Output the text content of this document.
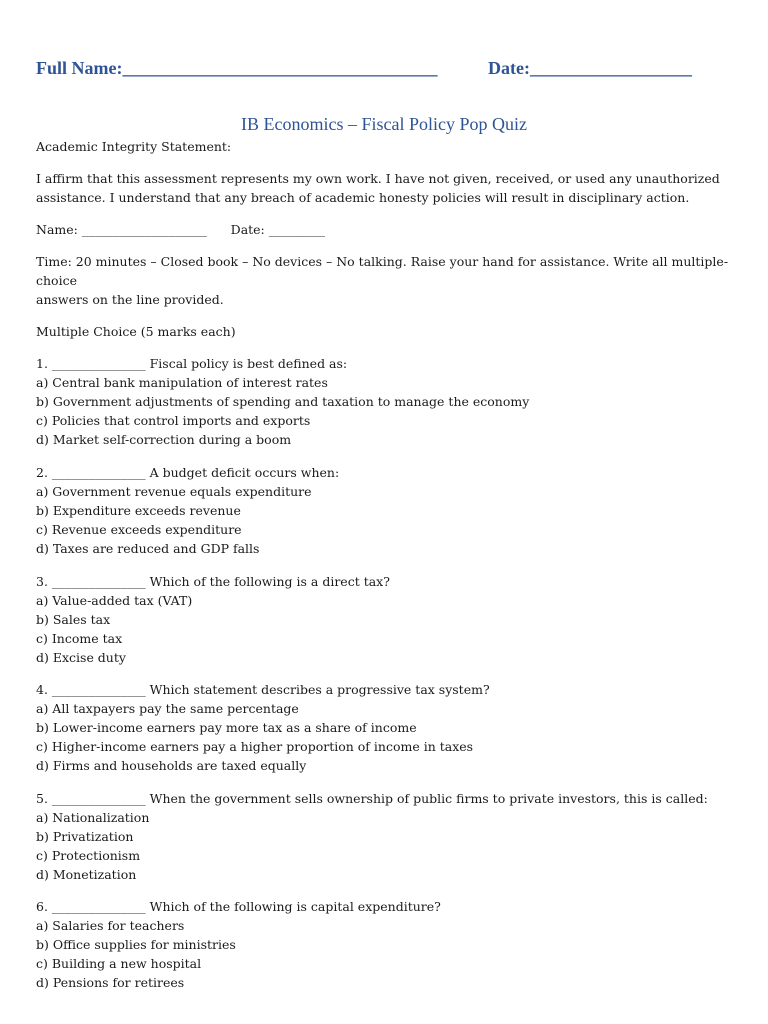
Full Name:___________________________________	Date:__________________
IB Economics – Fiscal Policy Pop Quiz
Academic Integrity Statement:
I affirm that this assessment represents my own work. I have not given, received, or used any unauthorized
assistance. I understand that any breach of academic honesty policies will result in disciplinary action.
Name: ____________________      Date: _________
Time: 20 minutes – Closed book – No devices – No talking. Raise your hand for assistance. Write all multiple-choice
answers on the line provided.
Multiple Choice (5 marks each)
1. _______________ Fiscal policy is best defined as:
a) Central bank manipulation of interest rates
b) Government adjustments of spending and taxation to manage the economy
c) Policies that control imports and exports
d) Market self-correction during a boom
2. _______________ A budget deficit occurs when:
a) Government revenue equals expenditure
b) Expenditure exceeds revenue
c) Revenue exceeds expenditure
d) Taxes are reduced and GDP falls
3. _______________ Which of the following is a direct tax?
a) Value-added tax (VAT)
b) Sales tax
c) Income tax
d) Excise duty
4. _______________ Which statement describes a progressive tax system?
a) All taxpayers pay the same percentage
b) Lower-income earners pay more tax as a share of income
c) Higher-income earners pay a higher proportion of income in taxes
d) Firms and households are taxed equally
5. _______________ When the government sells ownership of public firms to private investors, this is called:
a) Nationalization
b) Privatization
c) Protectionism
d) Monetization
6. _______________ Which of the following is capital expenditure?
a) Salaries for teachers
b) Office supplies for ministries
c) Building a new hospital
d) Pensions for retirees
